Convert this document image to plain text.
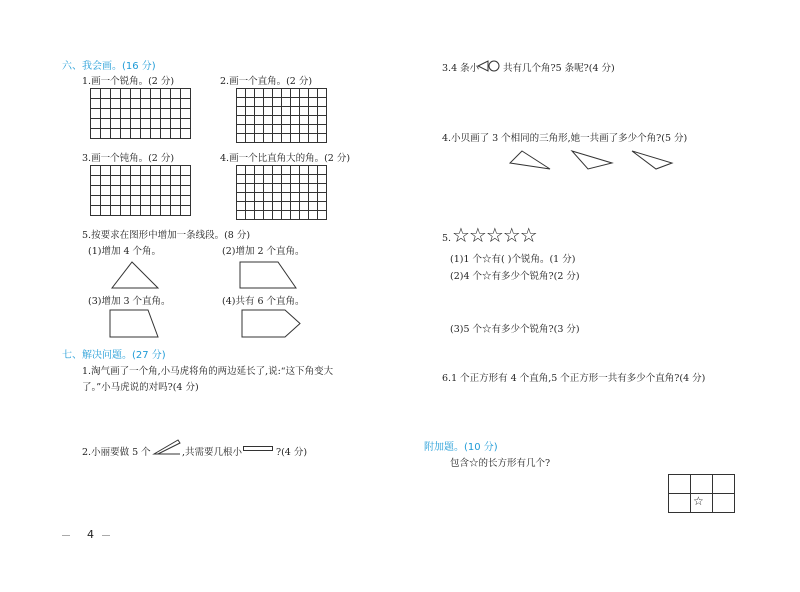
六、我会画。(16 分)
1.画一个锐角。(2 分)	2.画一个直角。(2 分)
3.画一个钝角。(2 分)	4.画一个比直角大的角。(2 分)
5.按要求在图形中增加一条线段。(8 分)
(1)增加 4 个角。	(2)增加 2 个直角。
(3)增加 3 个直角。	(4)共有 6 个直角。
七、解决问题。(27 分)
1.淘气画了一个角,小马虎将角的两边延长了,说:“这下角变大
了。”小马虎说的对吗?(4 分)
2.小丽要做 5 个	,共需要几根小	?(4 分)
4
3.4 条小	共有几个角?5 条呢?(4 分)
4.小贝画了 3 个相同的三角形,她一共画了多少个角?(5 分)
5. ☆☆☆☆☆
(1)1 个☆有( )个锐角。(1 分)
(2)4 个☆有多少个锐角?(2 分)
(3)5 个☆有多少个锐角?(3 分)
6.1 个正方形有 4 个直角,5 个正方形一共有多少个直角?(4 分)
附加题。(10 分)
包含☆的长方形有几个?
☆
